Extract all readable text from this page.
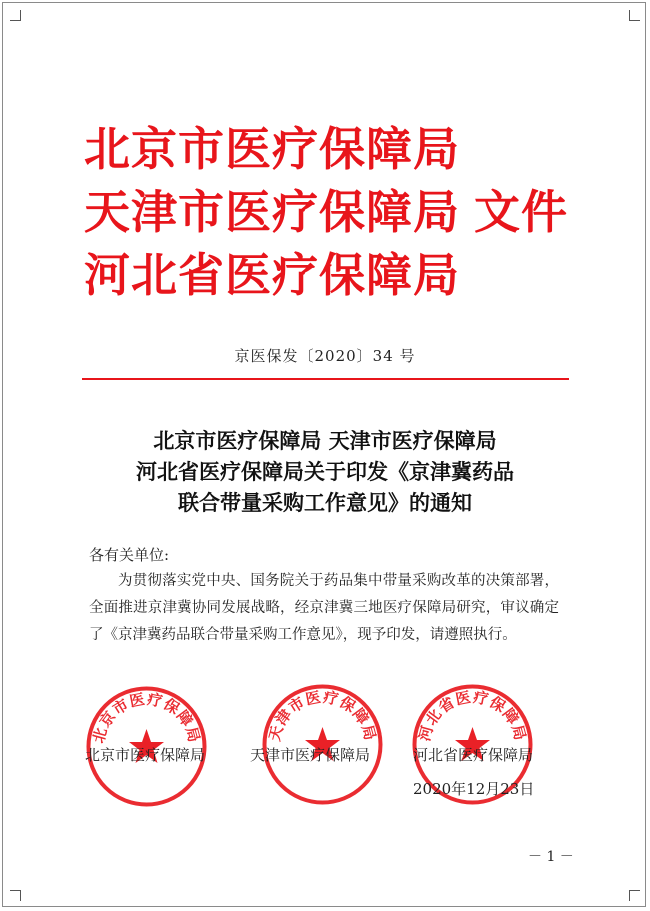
北京市医疗保障局
天津市医疗保障局 文件
河北省医疗保障局
京医保发〔2020〕34 号
北京市医疗保障局 天津市医疗保障局
河北省医疗保障局关于印发《京津冀药品
联合带量采购工作意见》的通知
各有关单位:
为贯彻落实党中央、国务院关于药品集中带量采购改革的决策部署，全面推进京津冀协同发展战略，经京津冀三地医疗保障局研究，审议确定了《京津冀药品联合带量采购工作意见》，现予印发，请遵照执行。
北京市医疗保障局	天津市医疗保障局 河北省医疗保障局
北京市医疗保障局	天津市医疗保障局	河北省医疗保障局
2020年12月23日
－ 1 －
